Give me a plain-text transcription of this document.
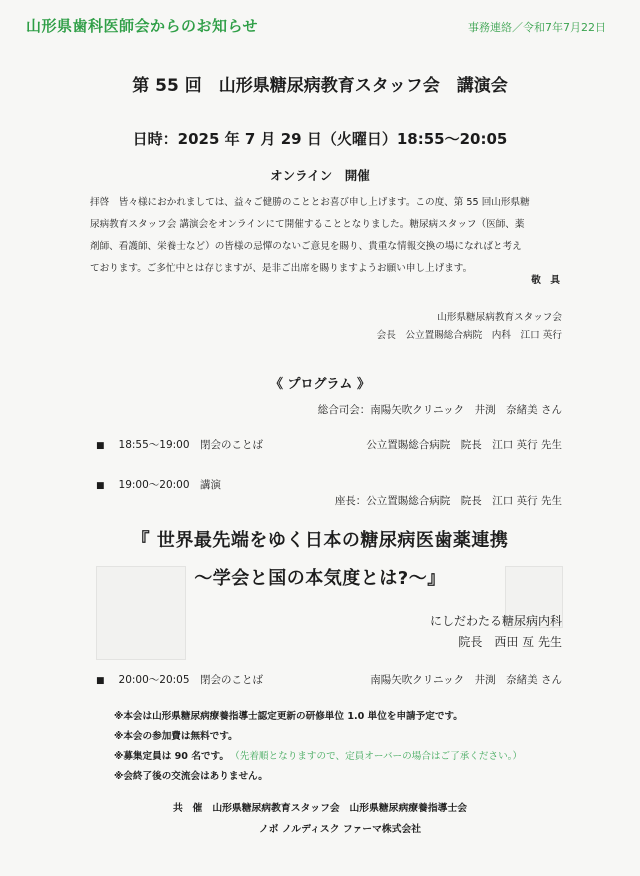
山形県歯科医師会からのお知らせ	事務連絡／令和7年7月22日
第 55 回　山形県糖尿病教育スタッフ会　講演会
日時：2025 年 7 月 29 日（火曜日）18:55～20:05
オンライン　開催
拝啓　皆々様におかれましては、益々ご健勝のこととお喜び申し上げます。この度、第 55 回山形県糖
尿病教育スタッフ会 講演会をオンラインにて開催することとなりました。糖尿病スタッフ（医師、薬
剤師、看護師、栄養士など）の皆様の忌憚のないご意見を賜り、貴重な情報交換の場になればと考え
ております。ご多忙中とは存じますが、是非ご出席を賜りますようお願い申し上げます。
敬　具
山形県糖尿病教育スタッフ会
会長　公立置賜総合病院　内科　江口 英行
《 プログラム 》
総合司会：南陽矢吹クリニック　井渕　奈緒美 さん
■ 18:55～19:00　閉会のことば	公立置賜総合病院　院長　江口 英行 先生
■ 19:00～20:00　講演
座長：公立置賜総合病院　院長　江口 英行 先生
『 世界最先端をゆく日本の糖尿病医歯薬連携
～学会と国の本気度とは?～』
にしだわたる糖尿病内科
院長　西田 亙 先生
■ 20:00～20:05　閉会のことば	南陽矢吹クリニック　井渕　奈緒美 さん
※本会は山形県糖尿病療養指導士認定更新の研修単位 1.0 単位を申請予定です。
※本会の参加費は無料です。
※募集定員は 90 名です。 （先着順となりますので、定員オーバーの場合はご了承ください。）
※会終了後の交流会はありません。
共　催 山形県糖尿病教育スタッフ会　山形県糖尿病療養指導士会
ノボ ノルディスク ファーマ株式会社
